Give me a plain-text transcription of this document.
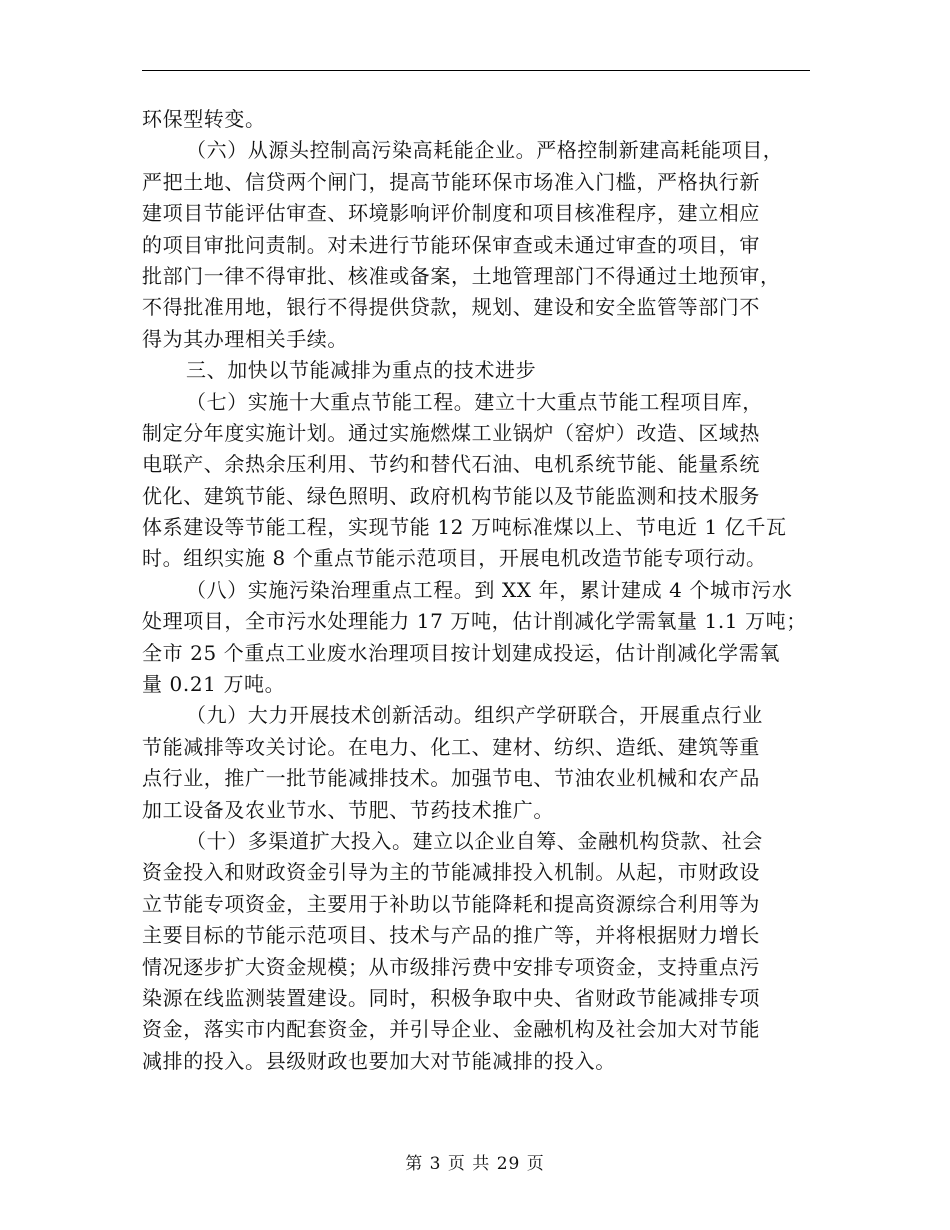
环保型转变。
（六）从源头控制高污染高耗能企业。严格控制新建高耗能项目，
严把土地、信贷两个闸门，提高节能环保市场准入门槛，严格执行新
建项目节能评估审查、环境影响评价制度和项目核准程序，建立相应
的项目审批问责制。对未进行节能环保审查或未通过审查的项目，审
批部门一律不得审批、核准或备案，土地管理部门不得通过土地预审，
不得批准用地，银行不得提供贷款，规划、建设和安全监管等部门不
得为其办理相关手续。
三、加快以节能减排为重点的技术进步
（七）实施十大重点节能工程。建立十大重点节能工程项目库，
制定分年度实施计划。通过实施燃煤工业锅炉（窑炉）改造、区域热
电联产、余热余压利用、节约和替代石油、电机系统节能、能量系统
优化、建筑节能、绿色照明、政府机构节能以及节能监测和技术服务
体系建设等节能工程，实现节能 12 万吨标准煤以上、节电近 1 亿千瓦
时。组织实施 8 个重点节能示范项目，开展电机改造节能专项行动。
（八）实施污染治理重点工程。到 XX 年，累计建成 4 个城市污水
处理项目，全市污水处理能力 17 万吨，估计削减化学需氧量 1.1 万吨；
全市 25 个重点工业废水治理项目按计划建成投运，估计削减化学需氧
量 0.21 万吨。
（九）大力开展技术创新活动。组织产学研联合，开展重点行业
节能减排等攻关讨论。在电力、化工、建材、纺织、造纸、建筑等重
点行业，推广一批节能减排技术。加强节电、节油农业机械和农产品
加工设备及农业节水、节肥、节药技术推广。
（十）多渠道扩大投入。建立以企业自筹、金融机构贷款、社会
资金投入和财政资金引导为主的节能减排投入机制。从起，市财政设
立节能专项资金，主要用于补助以节能降耗和提高资源综合利用等为
主要目标的节能示范项目、技术与产品的推广等，并将根据财力增长
情况逐步扩大资金规模；从市级排污费中安排专项资金，支持重点污
染源在线监测装置建设。同时，积极争取中央、省财政节能减排专项
资金，落实市内配套资金，并引导企业、金融机构及社会加大对节能
减排的投入。县级财政也要加大对节能减排的投入。
第 3 页 共 29 页
